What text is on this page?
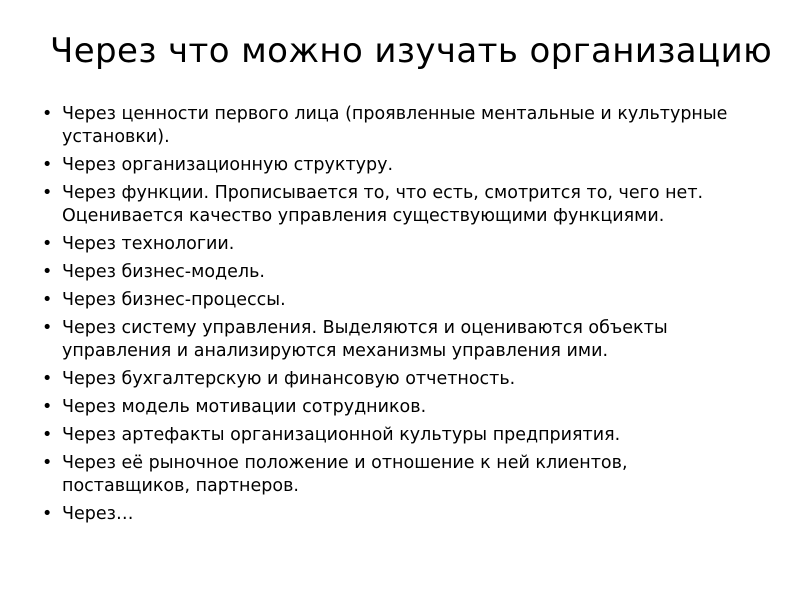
Через что можно изучать организацию
• Через ценности первого лица (проявленные ментальные и культурные установки).
• Через организационную структуру.
• Через функции. Прописывается то, что есть, смотрится то, чего нет. Оценивается качество управления существующими функциями.
• Через технологии.
• Через бизнес-модель.
• Через бизнес-процессы.
• Через систему управления. Выделяются и оцениваются объекты управления и анализируются механизмы управления ими.
• Через бухгалтерскую и финансовую отчетность.
• Через модель мотивации сотрудников.
• Через артефакты организационной культуры предприятия.
• Через её рыночное положение и отношение к ней клиентов, поставщиков, партнеров.
• Через…
